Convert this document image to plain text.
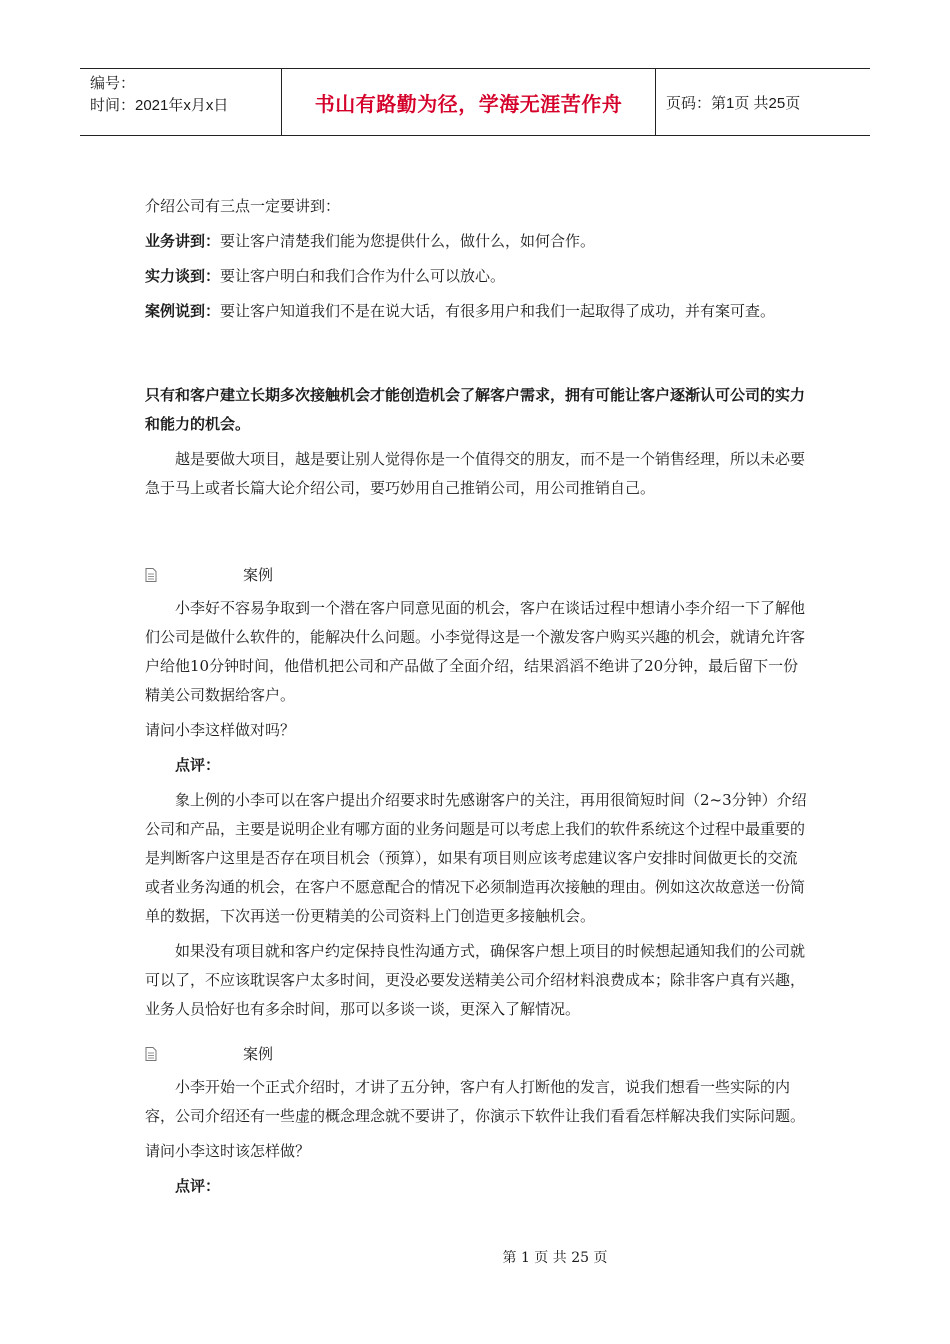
编号：
时间：2021年x月x日	书山有路勤为径，学海无涯苦作舟	页码：第1页 共25页

介绍公司有三点一定要讲到：

业务讲到：要让客户清楚我们能为您提供什么，做什么，如何合作。

实力谈到：要让客户明白和我们合作为什么可以放心。

案例说到：要让客户知道我们不是在说大话，有很多用户和我们一起取得了成功，并有案可查。

只有和客户建立长期多次接触机会才能创造机会了解客户需求，拥有可能让客户逐渐认可公司的实力和能力的机会。

越是要做大项目，越是要让别人觉得你是一个值得交的朋友，而不是一个销售经理，所以未必要急于马上或者长篇大论介绍公司，要巧妙用自己推销公司，用公司推销自己。

案例

小李好不容易争取到一个潜在客户同意见面的机会，客户在谈话过程中想请小李介绍一下了解他们公司是做什么软件的，能解决什么问题。小李觉得这是一个激发客户购买兴趣的机会，就请允许客户给他10分钟时间，他借机把公司和产品做了全面介绍，结果滔滔不绝讲了20分钟，最后留下一份精美公司数据给客户。

请问小李这样做对吗？

点评：

象上例的小李可以在客户提出介绍要求时先感谢客户的关注，再用很简短时间（2~3分钟）介绍公司和产品，主要是说明企业有哪方面的业务问题是可以考虑上我们的软件系统这个过程中最重要的是判断客户这里是否存在项目机会（预算），如果有项目则应该考虑建议客户安排时间做更长的交流或者业务沟通的机会，在客户不愿意配合的情况下必须制造再次接触的理由。例如这次故意送一份简单的数据，下次再送一份更精美的公司资料上门创造更多接触机会。

如果没有项目就和客户约定保持良性沟通方式，确保客户想上项目的时候想起通知我们的公司就可以了，不应该耽误客户太多时间，更没必要发送精美公司介绍材料浪费成本；除非客户真有兴趣，业务人员恰好也有多余时间，那可以多谈一谈，更深入了解情况。

案例

小李开始一个正式介绍时，才讲了五分钟，客户有人打断他的发言，说我们想看一些实际的内容，公司介绍还有一些虚的概念理念就不要讲了，你演示下软件让我们看看怎样解决我们实际问题。

请问小李这时该怎样做？

点评：

第 1 页 共 25 页
